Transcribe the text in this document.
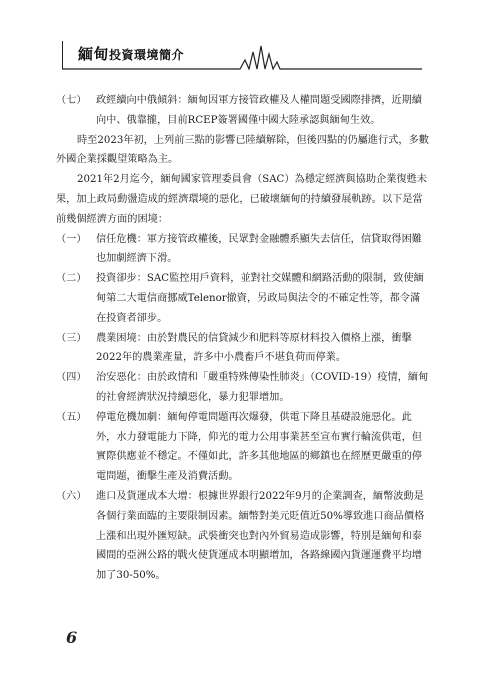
緬甸投資環境簡介

（七） 政經續向中俄傾斜：緬甸因軍方接管政權及人權問題受國際排擠，近期續向中、俄靠攏，目前RCEP簽署國僅中國大陸承認與緬甸生效。

時至2023年初，上列前三點的影響已陸續解除，但後四點的仍屬進行式，多數外國企業採觀望策略為主。

2021年2月迄今，緬甸國家管理委員會（SAC）為穩定經濟與協助企業復甦未果，加上政局動盪造成的經濟環境的惡化，已破壞緬甸的持續發展軌跡。以下是當前幾個經濟方面的困境：

（一） 信任危機：軍方接管政權後，民眾對金融體系顯失去信任，信貸取得困難也加劇經濟下滑。

（二） 投資卻步：SAC監控用戶資料，並對社交媒體和網路活動的限制，致使緬甸第二大電信商挪威Telenor撤資，另政局與法令的不確定性等，都令滿在投資者卻步。

（三） 農業困境：由於對農民的信貸減少和肥料等原材料投入價格上漲，衝擊2022年的農業產量，許多中小農畜戶不堪負荷而停業。

（四） 治安惡化：由於政情和「嚴重特殊傳染性肺炎」（COVID-19）疫情，緬甸的社會經濟狀況持續惡化，暴力犯罪增加。

（五） 停電危機加劇：緬甸停電問題再次爆發，供電下降且基礎設施惡化。此外，水力發電能力下降，仰光的電力公用事業甚至宣布實行輪流供電，但實際供應並不穩定。不僅如此，許多其他地區的鄉鎮也在經歷更嚴重的停電問題，衝擊生產及消費活動。

（六） 進口及貨運成本大增：根據世界銀行2022年9月的企業調查，緬幣波動是各個行業面臨的主要限制因素。緬幣對美元貶值近50%導致進口商品價格上漲和出現外匯短缺。武裝衝突也對內外貿易造成影響，特別是緬甸和泰國間的亞洲公路的戰火使貨運成本明顯增加，各路線國內貨運運費平均增加了30-50%。

6
